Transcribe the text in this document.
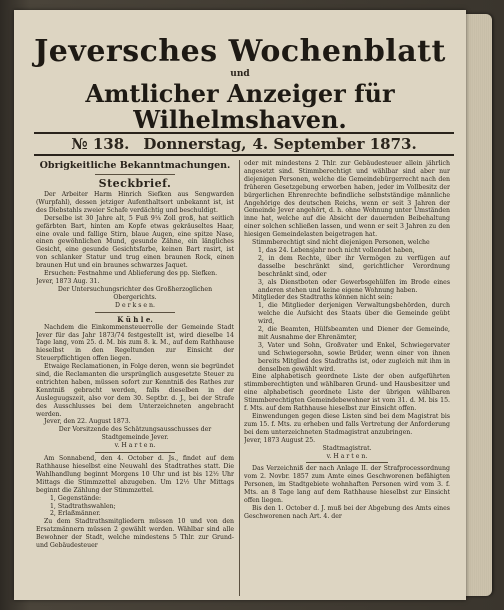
Jeversches Wochenblatt
und
Amtlicher Anzeiger für Wilhelmshaven.
№ 138. Donnerstag, 4. September 1873.

Obrigkeitliche Bekanntmachungen.

Steckbrief.

Der Arbeiter Harm Hinrich Siefken aus Sengwarden (Wurpfahl), dessen jetziger Aufenthaltsort unbekannt ist, ist des Diebstahls zweier Schafe verdächtig und beschuldigt.

Derselbe ist 30 Jahre alt, 5 Fuß 9¼ Zoll groß, hat seitlich gefärbten Bart, hinten am Kopfe etwas gekräuseltes Haar, eine ovale und fallige Stirn, blaue Augen, eine spitze Nase, einen gewöhnlichen Mund, gesunde Zähne, ein längliches Gesicht, eine gesunde Gesichtsfarbe, keinen Bart rasirt, ist von schlanker Statur und trug einen braunen Rock, einen braunen Hut und ein braunes schwarzes Jaquet.

Ersuchen: Festnahme und Ablieferung des pp. Siefken.

Jever, 1873 Aug. 31.

Der Untersuchungsrichter des Großherzoglichen Obergerichts.

D e r k s e n.

K ü h l e.

Nachdem die Einkommensteuerrolle der Gemeinde Stadt Jever für das Jahr 1873/74 festgestellt ist, wird dieselbe 14 Tage lang, vom 25. d. M. bis zum 8. k. M., auf dem Rathhause hieselbst in den Regeltunden zur Einsicht der Steuerpflichtigen offen liegen.

Etwaige Reclamationen, in Folge deren, wenn sie begründet sind, die Reclamanten die ursprünglich ausgesetzte Steuer zu entrichten haben, müssen sofort zur Kenntniß des Rathes zur Kenntniß gebracht werden, falls dieselben in der Ausleguugszeit, also vor dem 30. Septbr. d. J., bei der Strafe des Ausschlusses bei dem Unterzeichneten angebracht werden.

Jever, den 22. August 1873.

Der Vorsitzende des Schätzungsausschusses der Stadtgemeinde Jever.

v. H a r t e n.

Am Sonnabend, den 4. October d. Js., findet auf dem Rathhause hieselbst eine Neuwahl des Stadtrathes statt. Die Wahlhandlung beginnt Morgens 10 Uhr und ist bis 12½ Uhr Mittags die Stimmzettel abzugeben. Um 12½ Uhr Mittags beginnt die Zählung der Stimmzettel.

1, Gegenstände:

1, Stadtrathswahlen;

2, Erlaßmänner.

Zu dem Stadtrathsmitgliedern müssen 10 und von den Ersatzmännern müssen 2 gewählt werden. Wählbar sind alle Bewohner der Stadt, welche mindestens 5 Thlr. zur Grund- und Gebäudesteuer

oder mit mindestens 2 Thlr. zur Gebäudesteuer allein jährlich angesetzt sind. Stimmberechtigt und wählbar sind aber nur diejenigen Personen, welche die Gemeindebürgerrecht nach den früheren Gesetzgebung erworben haben, jeder im Vollbesitz der bürgerlichen Ehrenrechte befindliche selbstständige männliche Angehörige des deutschen Reichs, wenn er seit 3 Jahren der Gemeinde Jever angehört, d. h. ohne Wohnung unter Umständen inne hat, welche auf die Absicht der dauernden Beibehaltung einer solchen schließen lassen, und wenn er seit 3 Jahren zu den hiesigen Gemeindelasten beigetragen hat.

Stimmberechtigt sind nicht diejenigen Personen, welche

1, das 24. Lebensjahr noch nicht vollendet haben,

2, in dem Rechte, über ihr Vermögen zu verfügen auf dasselbe beschränkt sind, gerichtlicher Verordnung beschränkt sind, oder

3, als Dienstboten oder Gewerbsgehülfen im Brode eines anderen stehen und keine eigene Wohnung haben.

Mitglieder des Stadtraths können nicht sein:

1, die Mitglieder derjenigen Verwaltungsbehörden, durch welche die Aufsicht des Staats über die Gemeinde geübt wird,

2, die Beamten, Hülfsbeamten und Diener der Gemeinde, mit Ausnahme der Ehrenämter,

3, Vater und Sohn, Großvater und Enkel, Schwiegervater und Schwiegersohn, sowie Brüder, wenn einer von ihnen bereits Mitglied des Stadtraths ist, oder zugleich mit ihm in denselben gewählt wird.

Eine alphabetisch geordnete Liste der oben aufgeführten stimmberechtigten und wählbaren Grund- und Hausbesitzer und eine alphabetisch geordnete Liste der übrigen wählbaren Stimmberechtigten Gemeindebewohner ist vom 31. d. M. bis 15. f. Mts. auf dem Rathhause hieselbst zur Einsicht offen.

Einwendungen gegen diese Listen sind bei dem Magistrat bis zum 15. f. Mts. zu erheben und falls Vertretung der Anforderung bei dem unterzeichneten Stadmagistrat anzubringen.

Jever, 1873 August 25.

Stadtmagistrat.

v. H a r t e n.

Das Verzeichniß der nach Anlage II. der Strafprocessordnung vom 2. Novbr. 1857 zum Amte eines Geschworenen befähigten Personen, im Stadtgebiete wohnhaften Personen wird vom 3. f. Mts. an 8 Tage lang auf dem Rathhause hieselbst zur Einsicht offen liegen.

Bis den 1. October d. J. muß bei der Abgebung des Amts eines Geschworenen nach Art. 4. der
